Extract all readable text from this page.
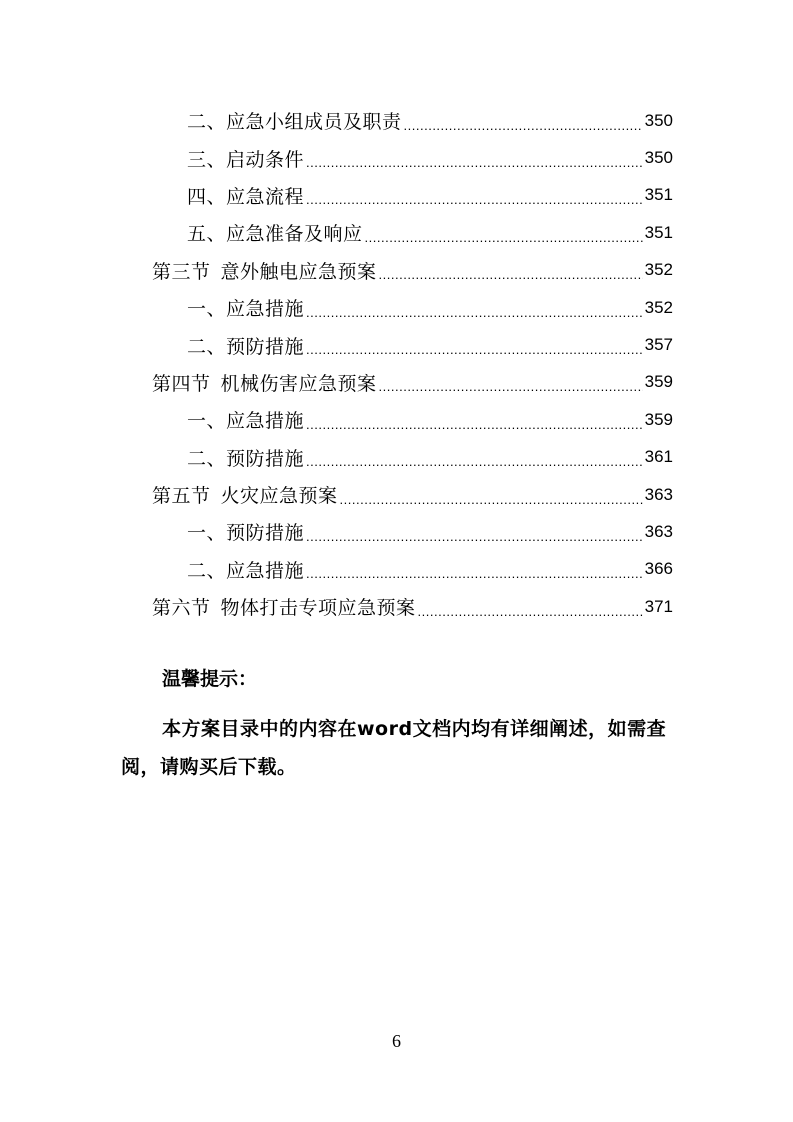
二、应急小组成员及职责 .....	350
三、启动条件 .....	350
四、应急流程 .....	351
五、应急准备及响应 .....	351
第三节 意外触电应急预案 .....	352
一、应急措施 .....	352
二、预防措施 .....	357
第四节 机械伤害应急预案 .....	359
一、应急措施 .....	359
二、预防措施 .....	361
第五节 火灾应急预案 .....	363
一、预防措施 .....	363
二、应急措施 .....	366
第六节 物体打击专项应急预案 .....	371
温馨提示：
本方案目录中的内容在word文档内均有详细阐述，如需查阅，请购买后下载。
6
